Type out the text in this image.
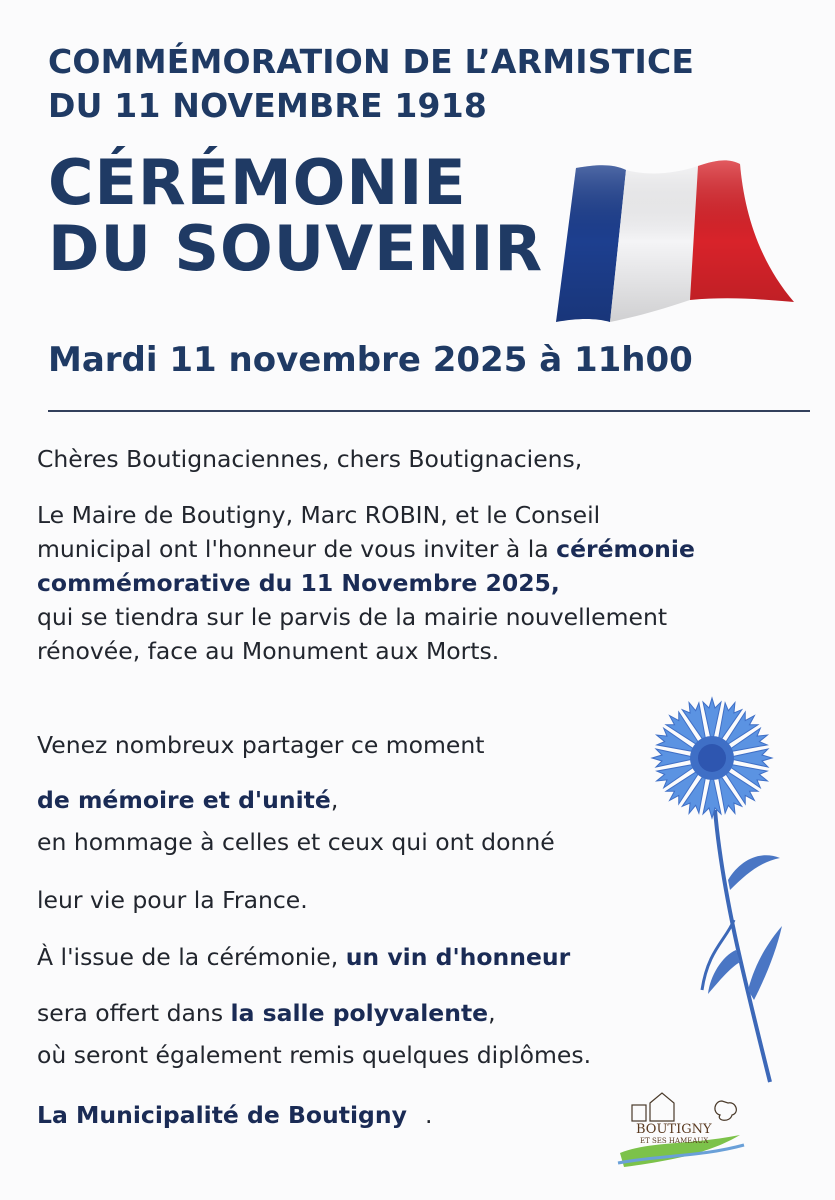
COMMÉMORATION DE L’ARMISTICE
DU 11 NOVEMBRE 1918
CÉRÉMONIE
DU SOUVENIR
Mardi 11 novembre 2025 à 11h00
Chères Boutignaciennes, chers Boutignaciens,
Le Maire de Boutigny, Marc ROBIN, et le Conseil
municipal ont l'honneur de vous inviter à la cérémonie
commémorative du 11 Novembre 2025,
qui se tiendra sur le parvis de la mairie nouvellement
rénovée, face au Monument aux Morts.
Venez nombreux partager ce moment
de mémoire et d'unité,
en hommage à celles et ceux qui ont donné
leur vie pour la France.
À l'issue de la cérémonie, un vin d'honneur
sera offert dans la salle polyvalente,
où seront également remis quelques diplômes.
La Municipalité de Boutigny .
BOUTIGNY
ET SES HAMEAUX
